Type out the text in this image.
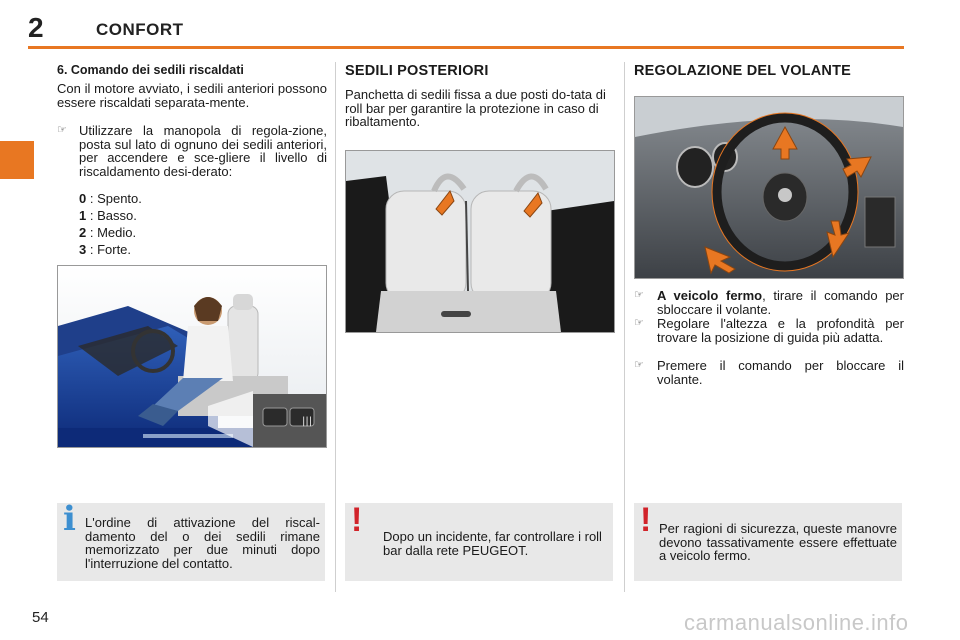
2	CONFORT
6. Comando dei sedili riscaldati
Con il motore avviato, i sedili anteriori possono essere riscaldati separata-mente.
☞ Utilizzare la manopola di regola-zione, posta sul lato di ognuno dei sedili anteriori, per accendere e sce-gliere il livello di riscaldamento desi-derato:
0 : Spento.
1 : Basso.
2 : Medio.
3 : Forte.
|||
i L'ordine di attivazione del riscal-damento del o dei sedili rimane memorizzato per due minuti dopo l'interruzione del contatto.
SEDILI POSTERIORI
Panchetta di sedili fissa a due posti do-tata di roll bar per garantire la protezione in caso di ribaltamento.
! Dopo un incidente, far controllare i roll bar dalla rete PEUGEOT.
REGOLAZIONE DEL VOLANTE
☞ A veicolo fermo, tirare il comando per sbloccare il volante.
☞ Regolare l'altezza e la profondità per trovare la posizione di guida più adatta.
☞ Premere il comando per bloccare il volante.
! Per ragioni di sicurezza, queste manovre devono tassativamente essere effettuate a veicolo fermo.
54	carmanualsonline.info
